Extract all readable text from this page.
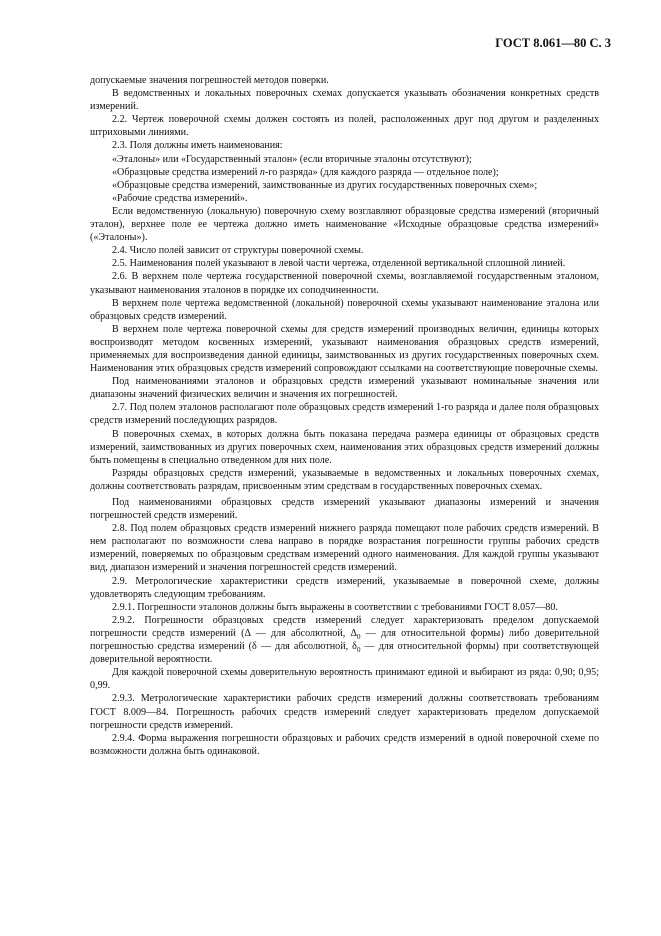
ГОСТ 8.061—80 С. 3

допускаемые значения погрешностей методов поверки.

В ведомственных и локальных поверочных схемах допускается указывать обозначения конкретных средств измерений.

2.2. Чертеж поверочной схемы должен состоять из полей, расположенных друг под другом и разделенных штриховыми линиями.

2.3. Поля должны иметь наименования:

«Эталоны» или «Государственный эталон» (если вторичные эталоны отсутствуют);

«Образцовые средства измерений n-го разряда» (для каждого разряда — отдельное поле);

«Образцовые средства измерений, заимствованные из других государственных поверочных схем»;

«Рабочие средства измерений».

Если ведомственную (локальную) поверочную схему возглавляют образцовые средства измерений (вторичный эталон), верхнее поле ее чертежа должно иметь наименование «Исходные образцовые средства измерений» («Эталоны»).

2.4. Число полей зависит от структуры поверочной схемы.

2.5. Наименования полей указывают в левой части чертежа, отделенной вертикальной сплошной линией.

2.6. В верхнем поле чертежа государственной поверочной схемы, возглавляемой государственным эталоном, указывают наименования эталонов в порядке их соподчиненности.

В верхнем поле чертежа ведомственной (локальной) поверочной схемы указывают наименование эталона или образцовых средств измерений.

В верхнем поле чертежа поверочной схемы для средств измерений производных величин, единицы которых воспроизводят методом косвенных измерений, указывают наименования образцовых средств измерений, применяемых для воспроизведения данной единицы, заимствованных из других государственных поверочных схем. Наименования этих образцовых средств измерений сопровождают ссылками на соответствующие поверочные схемы.

Под наименованиями эталонов и образцовых средств измерений указывают номинальные значения или диапазоны значений физических величин и значения их погрешностей.

2.7. Под полем эталонов располагают поле образцовых средств измерений 1-го разряда и далее поля образцовых средств измерений последующих разрядов.

В поверочных схемах, в которых должна быть показана передача размера единицы от образцовых средств измерений, заимствованных из других поверочных схем, наименования этих образцовых средств измерений должны быть помещены в специально отведенном для них поле.

Разряды образцовых средств измерений, указываемые в ведомственных и локальных поверочных схемах, должны соответствовать разрядам, присвоенным этим средствам в государственных поверочных схемах.

Под наименованиями образцовых средств измерений указывают диапазоны измерений и значения погрешностей средств измерений.

2.8. Под полем образцовых средств измерений нижнего разряда помещают поле рабочих средств измерений. В нем располагают по возможности слева направо в порядке возрастания погрешности группы рабочих средств измерений, поверяемых по образцовым средствам измерений одного наименования. Для каждой группы указывают вид, диапазон измерений и значения погрешностей средств измерений.

2.9. Метрологические характеристики средств измерений, указываемые в поверочной схеме, должны удовлетворять следующим требованиям.

2.9.1. Погрешности эталонов должны быть выражены в соответствии с требованиями ГОСТ 8.057—80.

2.9.2. Погрешности образцовых средств измерений следует характеризовать пределом допускаемой погрешности средств измерений (Δ — для абсолютной, $\Delta_0$ — для относительной формы) либо доверительной погрешностью средства измерений (δ — для абсолютной, $\delta_0$ — для относительной формы) при соответствующей доверительной вероятности.

Для каждой поверочной схемы доверительную вероятность принимают единой и выбирают из ряда: 0,90; 0,95; 0,99.

2.9.3. Метрологические характеристики рабочих средств измерений должны соответствовать требованиям ГОСТ 8.009—84. Погрешность рабочих средств измерений следует характеризовать пределом допускаемой погрешности средств измерений.

2.9.4. Форма выражения погрешности образцовых и рабочих средств измерений в одной поверочной схеме по возможности должна быть одинаковой.
